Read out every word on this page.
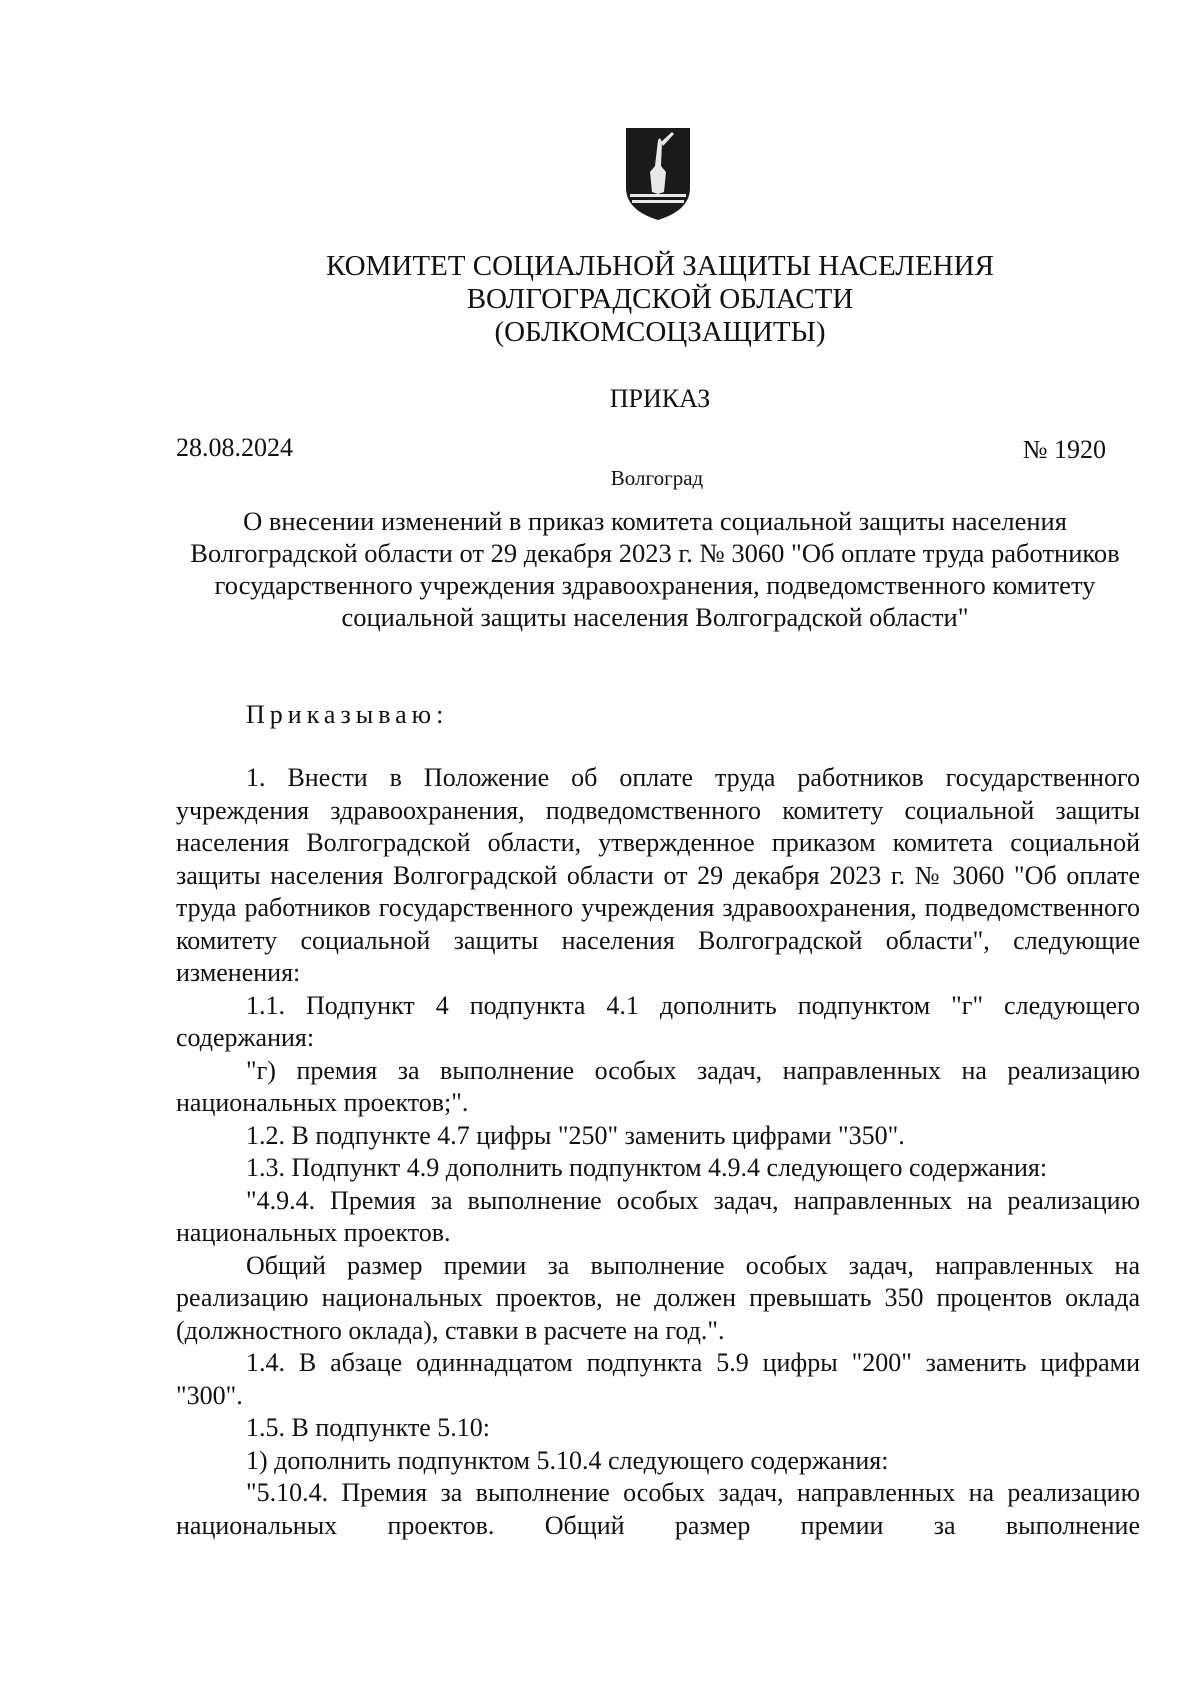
КОМИТЕТ СОЦИАЛЬНОЙ ЗАЩИТЫ НАСЕЛЕНИЯ
ВОЛГОГРАДСКОЙ ОБЛАСТИ
(ОБЛКОМСОЦЗАЩИТЫ)
ПРИКАЗ
28.08.2024	№ 1920
Волгоград
О внесении изменений в приказ комитета социальной защиты населения Волгоградской области от 29 декабря 2023 г. № 3060 "Об оплате труда работников государственного учреждения здравоохранения, подведомственного комитету социальной защиты населения Волгоградской области"
Приказываю:

1. Внести в Положение об оплате труда работников государственного учреждения здравоохранения, подведомственного комитету социальной защиты населения Волгоградской области, утвержденное приказом комитета социальной защиты населения Волгоградской области от 29 декабря 2023 г. № 3060 "Об оплате труда работников государственного учреждения здравоохранения, подведомственного комитету социальной защиты населения Волгоградской области", следующие изменения:

1.1. Подпункт 4 подпункта 4.1 дополнить подпунктом "г" следующего содержания:

"г) премия за выполнение особых задач, направленных на реализацию национальных проектов;".

1.2. В подпункте 4.7 цифры "250" заменить цифрами "350".

1.3. Подпункт 4.9 дополнить подпунктом 4.9.4 следующего содержания:

"4.9.4. Премия за выполнение особых задач, направленных на реализацию национальных проектов.

Общий размер премии за выполнение особых задач, направленных на реализацию национальных проектов, не должен превышать 350 процентов оклада (должностного оклада), ставки в расчете на год.".

1.4. В абзаце одиннадцатом подпункта 5.9 цифры "200" заменить цифрами "300".

1.5. В подпункте 5.10:

1) дополнить подпунктом 5.10.4 следующего содержания:

"5.10.4. Премия за выполнение особых задач, направленных на реализацию национальных проектов. Общий размер премии за выполнение
